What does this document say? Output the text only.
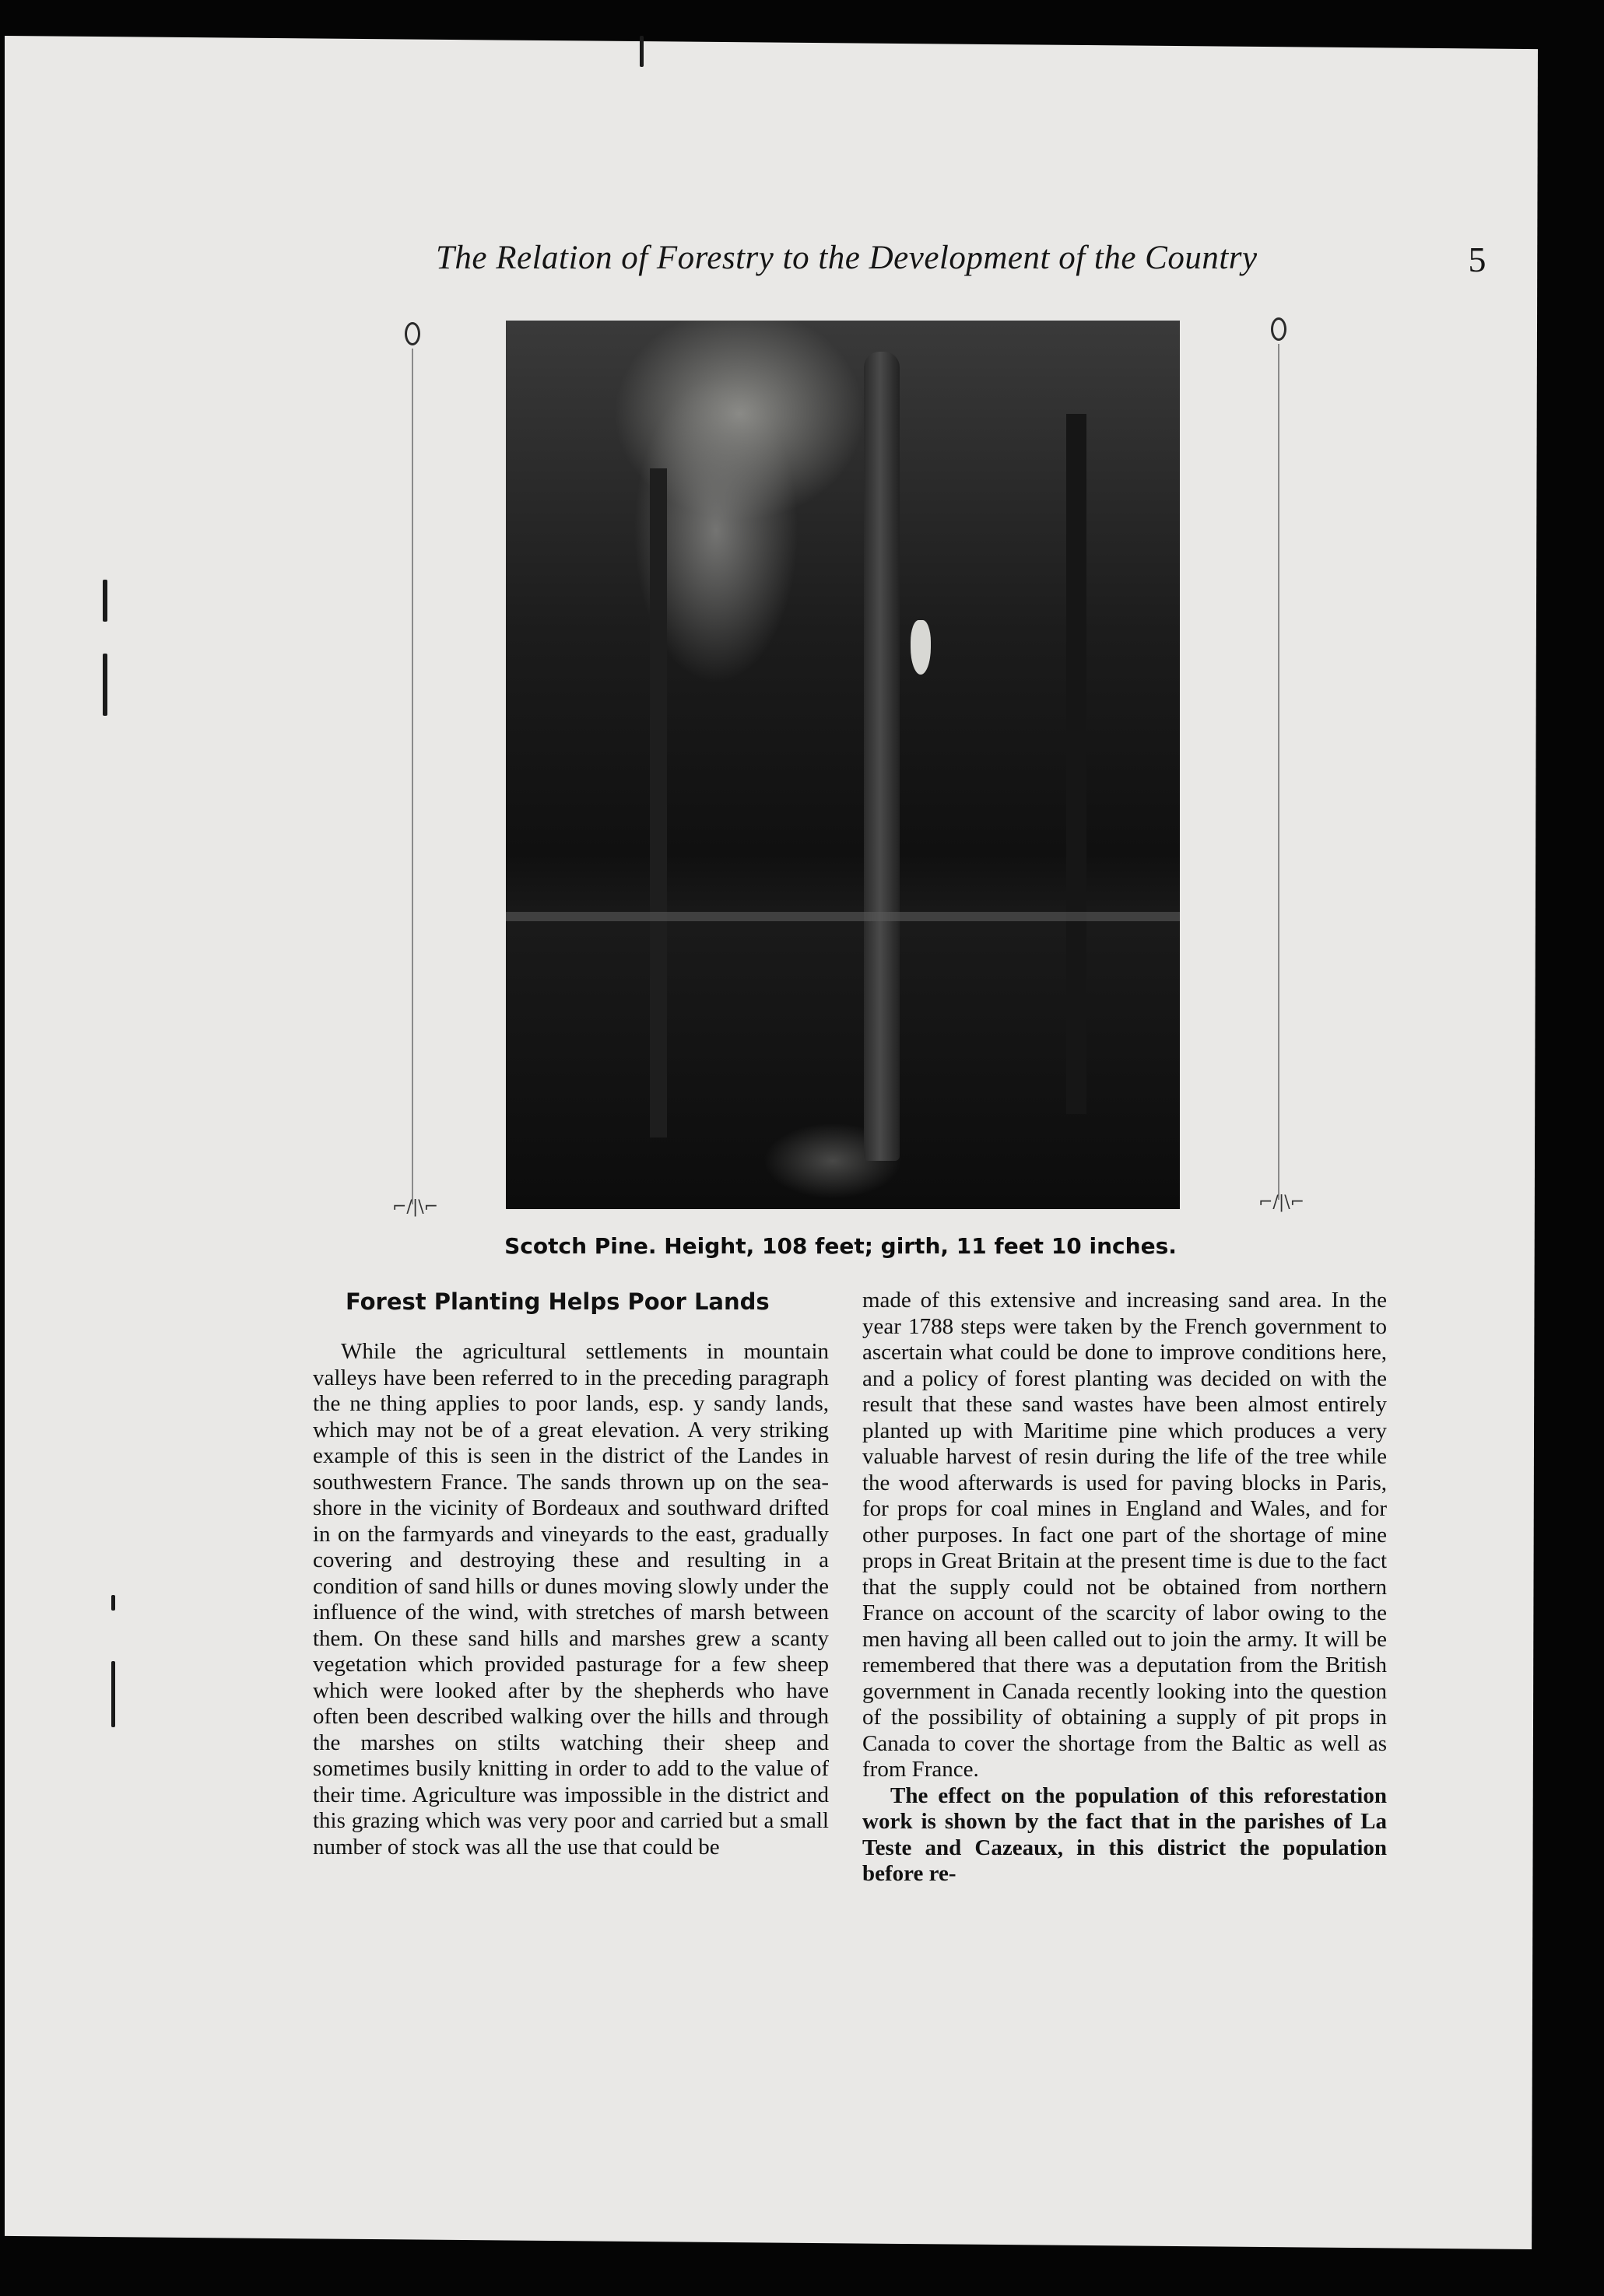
The Relation of Forestry to the Development of the Country	5
⌐/|\⌐	⌐/|\⌐
Scotch Pine. Height, 108 feet; girth, 11 feet 10 inches.
Forest Planting Helps Poor Lands

While the agricultural settlements in mountain valleys have been referred to in the preceding paragraph the ne thing applies to poor lands, esp. y sandy lands, which may not be of a great elevation. A very striking example of this is seen in the district of the Landes in southwestern France. The sands thrown up on the sea-shore in the vicinity of Bordeaux and southward drifted in on the farmyards and vineyards to the east, gradually covering and destroying these and resulting in a condition of sand hills or dunes moving slowly under the influence of the wind, with stretches of marsh between them. On these sand hills and marshes grew a scanty vegetation which provided pasturage for a few sheep which were looked after by the shepherds who have often been described walking over the hills and through the marshes on stilts watching their sheep and sometimes busily knitting in order to add to the value of their time. Agriculture was impossible in the district and this grazing which was very poor and carried but a small number of stock was all the use that could be

made of this extensive and increasing sand area. In the year 1788 steps were taken by the French government to ascertain what could be done to improve conditions here, and a policy of forest planting was decided on with the result that these sand wastes have been almost entirely planted up with Maritime pine which produces a very valuable harvest of resin during the life of the tree while the wood afterwards is used for paving blocks in Paris, for props for coal mines in England and Wales, and for other purposes. In fact one part of the shortage of mine props in Great Britain at the present time is due to the fact that the supply could not be obtained from northern France on account of the scarcity of labor owing to the men having all been called out to join the army. It will be remembered that there was a deputation from the British government in Canada recently looking into the question of the possibility of obtaining a supply of pit props in Canada to cover the shortage from the Baltic as well as from France.

The effect on the population of this reforestation work is shown by the fact that in the parishes of La Teste and Cazeaux, in this district the population before re-
